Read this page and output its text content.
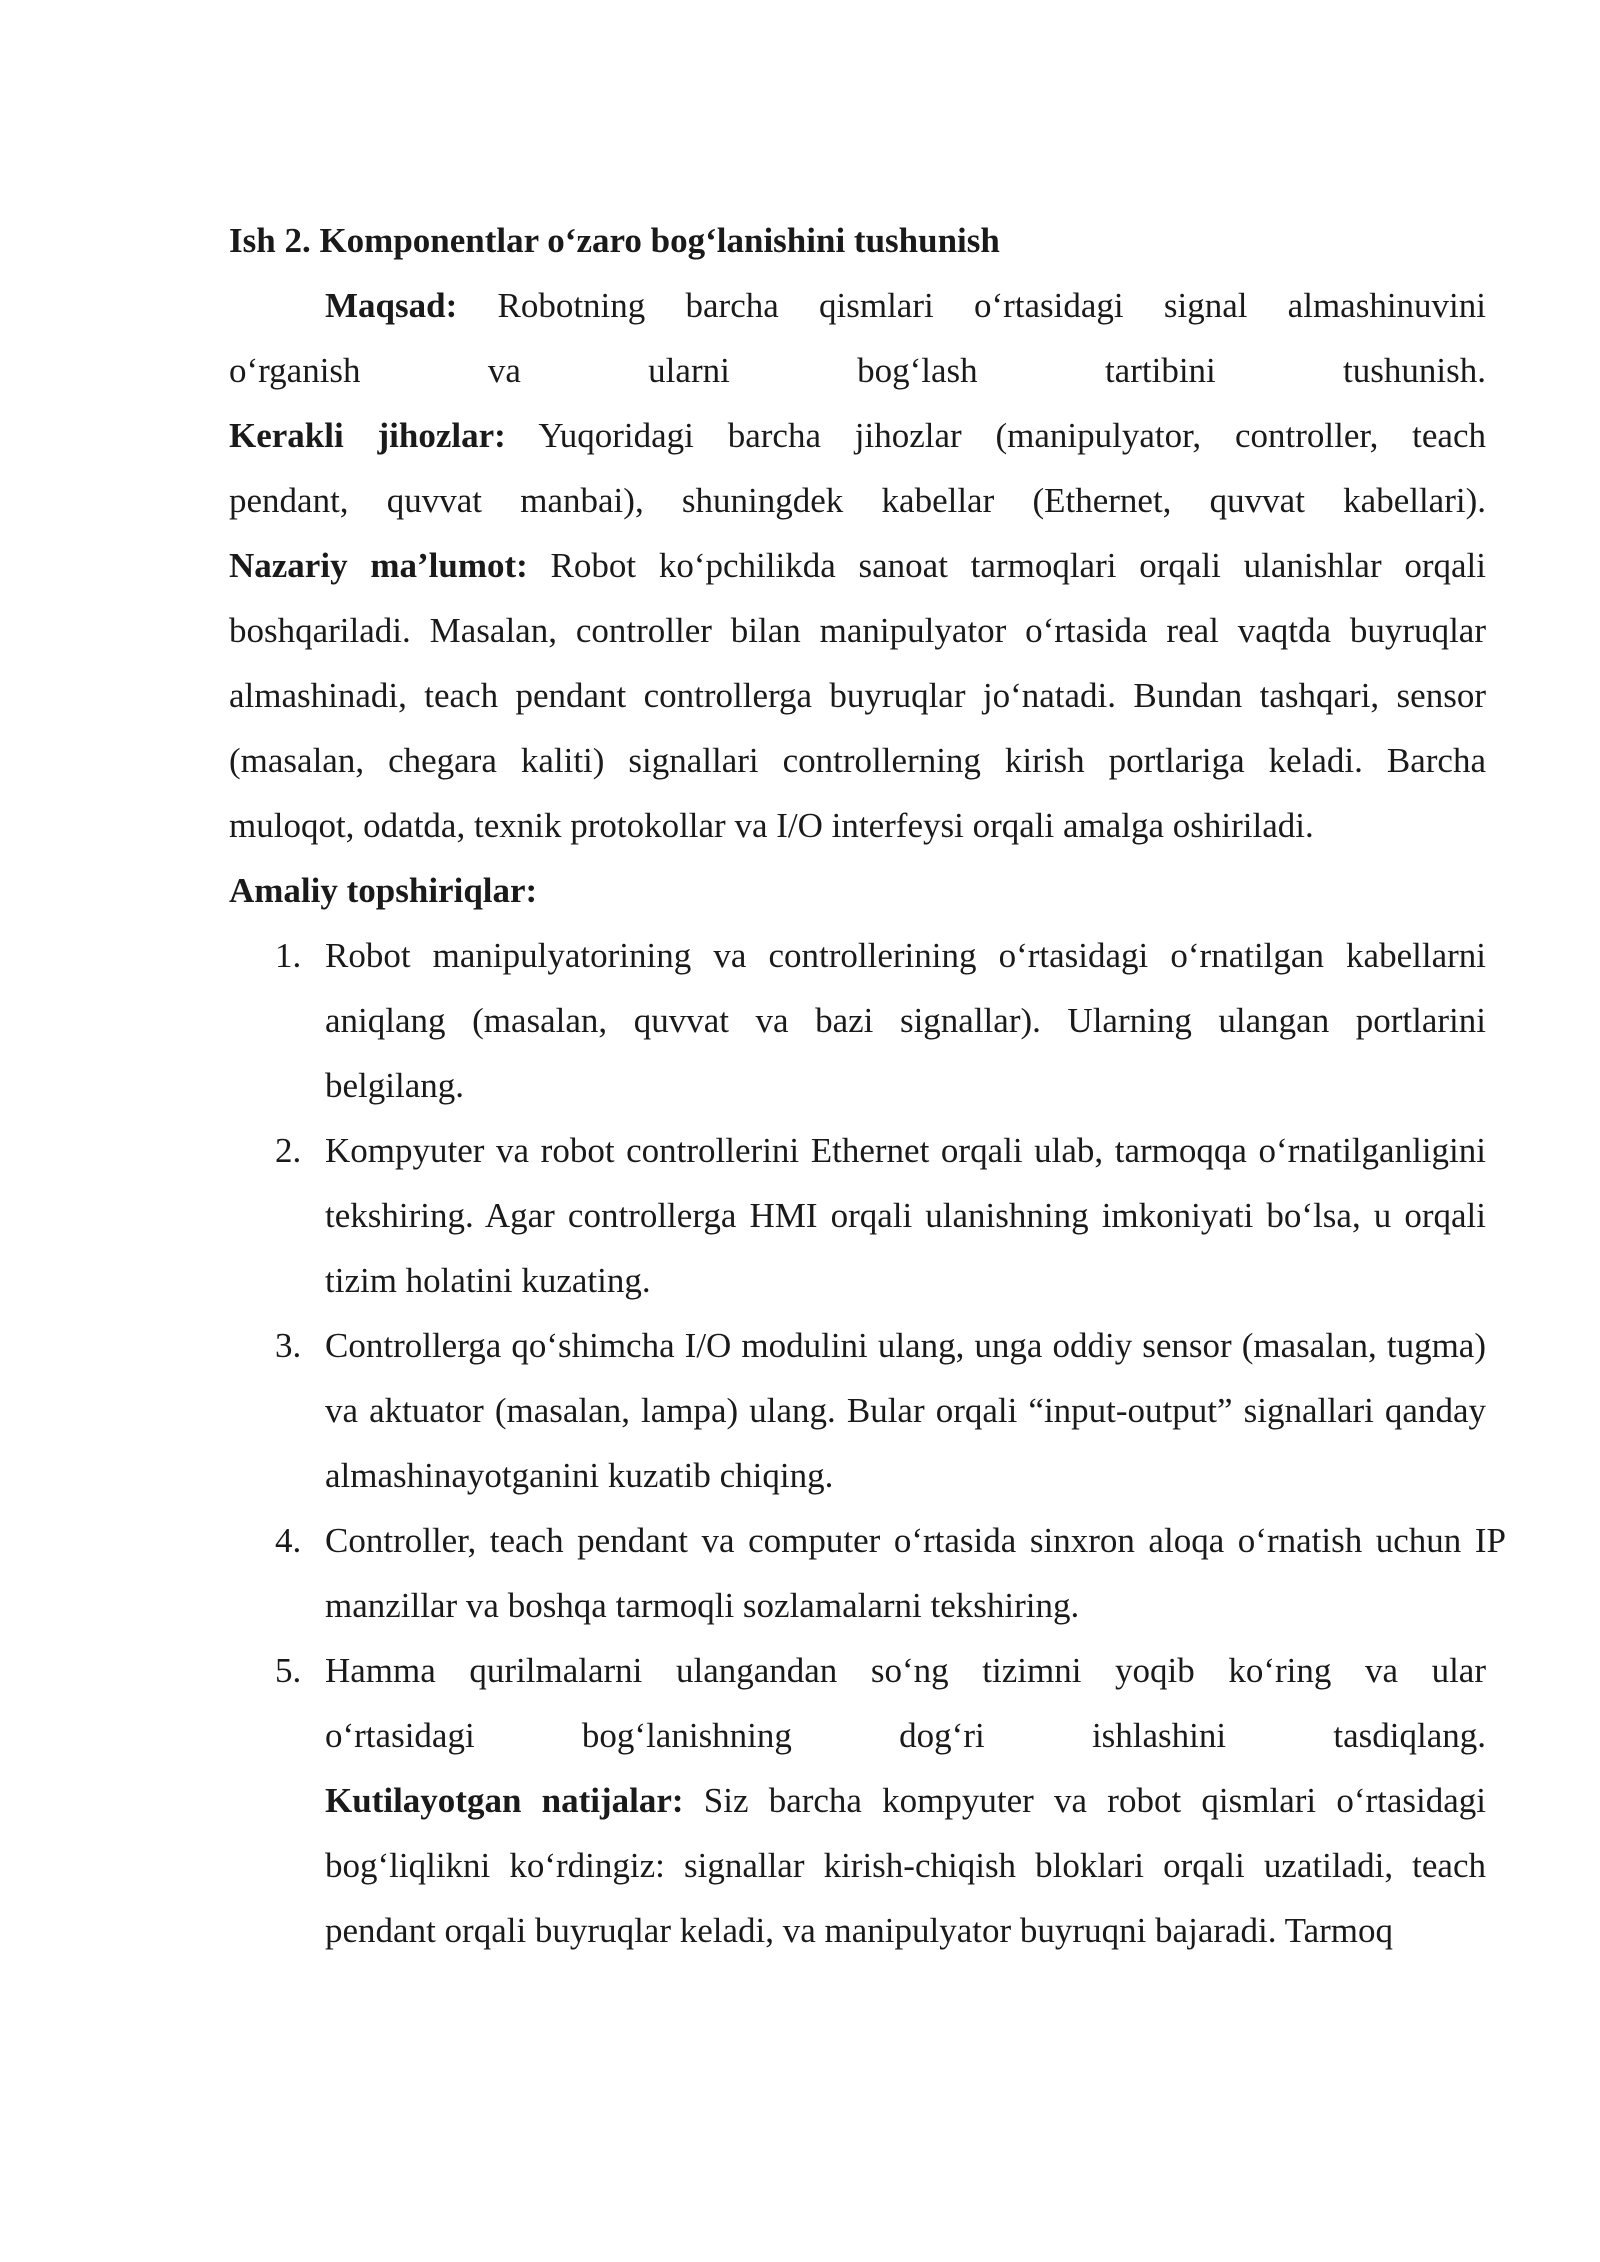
Ish 2. Komponentlar o‘zaro bog‘lanishini tushunish

Maqsad: Robotning barcha qismlari o‘rtasidagi signal almashinuvini

o‘rganish va ularni bog‘lash tartibini tushunish.

Kerakli jihozlar: Yuqoridagi barcha jihozlar (manipulyator, controller, teach

pendant, quvvat manbai), shuningdek kabellar (Ethernet, quvvat kabellari).

Nazariy ma’lumot: Robot ko‘pchilikda sanoat tarmoqlari orqali ulanishlar orqali boshqariladi. Masalan, controller bilan manipulyator o‘rtasida real vaqtda buyruqlar almashinadi, teach pendant controllerga buyruqlar jo‘natadi. Bundan tashqari, sensor (masalan, chegara kaliti) signallari controllerning kirish portlariga keladi. Barcha muloqot, odatda, texnik protokollar va I/O interfeysi orqali amalga oshiriladi.

Amaliy topshiriqlar:

1. Robot manipulyatorining va controllerining o‘rtasidagi o‘rnatilgan kabellarni aniqlang (masalan, quvvat va bazi signallar). Ularning ulangan portlarini belgilang.

2. Kompyuter va robot controllerini Ethernet orqali ulab, tarmoqqa o‘rnatilganligini tekshiring. Agar controllerga HMI orqali ulanishning imkoniyati bo‘lsa, u orqali tizim holatini kuzating.

3. Controllerga qo‘shimcha I/O modulini ulang, unga oddiy sensor (masalan, tugma) va aktuator (masalan, lampa) ulang. Bular orqali “input-output” signallari qanday almashinayotganini kuzatib chiqing.

4. Controller, teach pendant va computer o‘rtasida sinxron aloqa o‘rnatish uchun IP manzillar va boshqa tarmoqli sozlamalarni tekshiring.

5. Hamma qurilmalarni ulangandan so‘ng tizimni yoqib ko‘ring va ular

o‘rtasidagi bog‘lanishning dog‘ri ishlashini tasdiqlang.

Kutilayotgan natijalar: Siz barcha kompyuter va robot qismlari o‘rtasidagi bog‘liqlikni ko‘rdingiz: signallar kirish-chiqish bloklari orqali uzatiladi, teach pendant orqali buyruqlar keladi, va manipulyator buyruqni bajaradi. Tarmoq
